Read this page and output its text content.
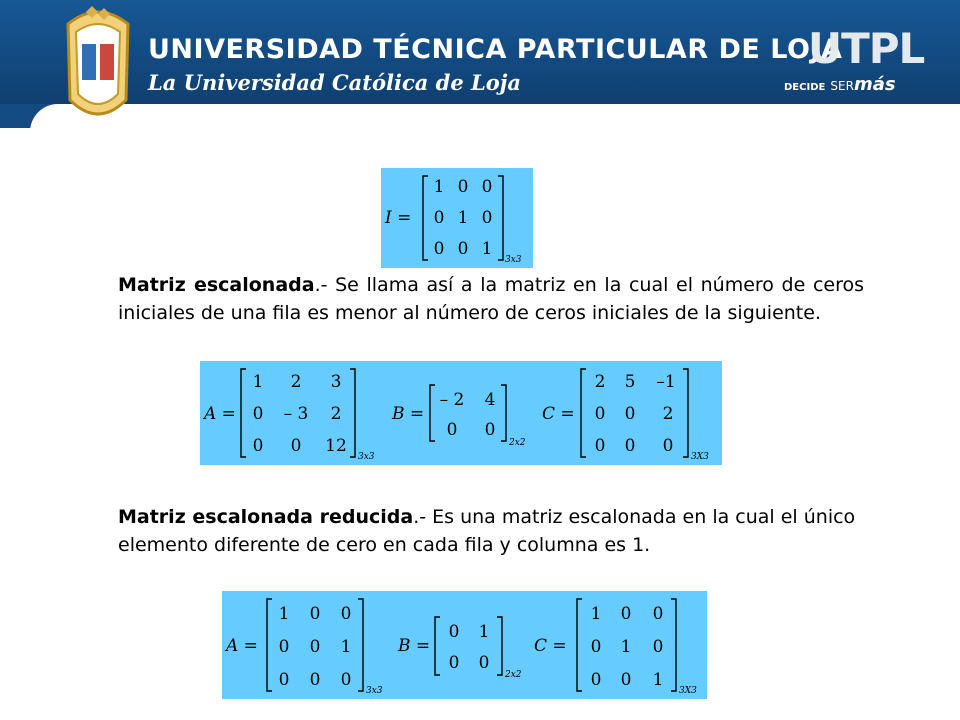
UNIVERSIDAD TÉCNICA PARTICULAR DE LOJA
La Universidad Católica de Loja
UTPL
DECIDE SERmás
I =
1 0 0
0 1 0
0 0 1
3x3
Matriz escalonada.- Se llama así a la matriz en la cual el número de ceros iniciales de una fila es menor al número de ceros iniciales de la siguiente.
A =
1 2 3
0 – 3 2
0 0 12
3x3
B =
– 2 4
0 0
2x2
C =
2 5 –1
0 0 2
0 0 0
3X3
Matriz escalonada reducida.- Es una matriz escalonada en la cual el único elemento diferente de cero en cada fila y columna es 1.
A =
1 0 0
0 0 1
0 0 0
3x3
B =
0 1
0 0
2x2
C =
1 0 0
0 1 0
0 0 1
3X3
